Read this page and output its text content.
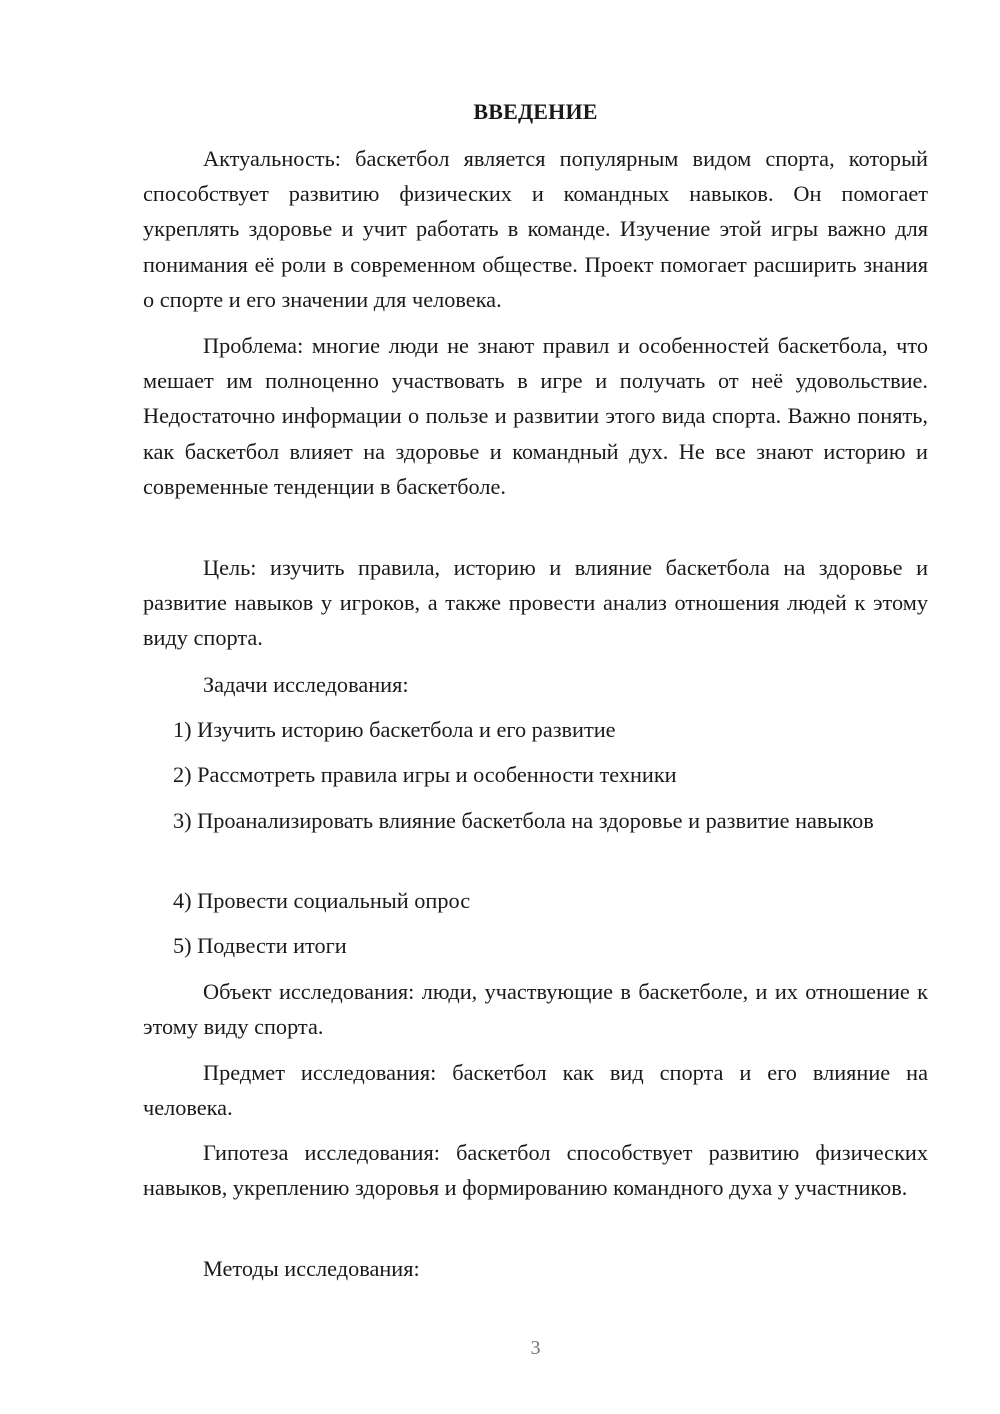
ВВЕДЕНИЕ

Актуальность: баскетбол является популярным видом спорта, который способствует развитию физических и командных навыков. Он помогает укреплять здоровье и учит работать в команде. Изучение этой игры важно для понимания её роли в современном обществе. Проект помогает расширить знания о спорте и его значении для человека.

Проблема: многие люди не знают правил и особенностей баскетбола, что мешает им полноценно участвовать в игре и получать от неё удовольствие. Недостаточно информации о пользе и развитии этого вида спорта. Важно понять, как баскетбол влияет на здоровье и командный дух. Не все знают историю и современные тенденции в баскетболе.

Цель: изучить правила, историю и влияние баскетбола на здоровье и развитие навыков у игроков, а также провести анализ отношения людей к этому виду спорта.

Задачи исследования:

1) Изучить историю баскетбола и его развитие

2) Рассмотреть правила игры и особенности техники

3) Проанализировать влияние баскетбола на здоровье и развитие навыков

4) Провести социальный опрос

5) Подвести итоги

Объект исследования: люди, участвующие в баскетболе, и их отношение к этому виду спорта.

Предмет исследования: баскетбол как вид спорта и его влияние на человека.

Гипотеза исследования: баскетбол способствует развитию физических навыков, укреплению здоровья и формированию командного духа у участников.

Методы исследования:

3
